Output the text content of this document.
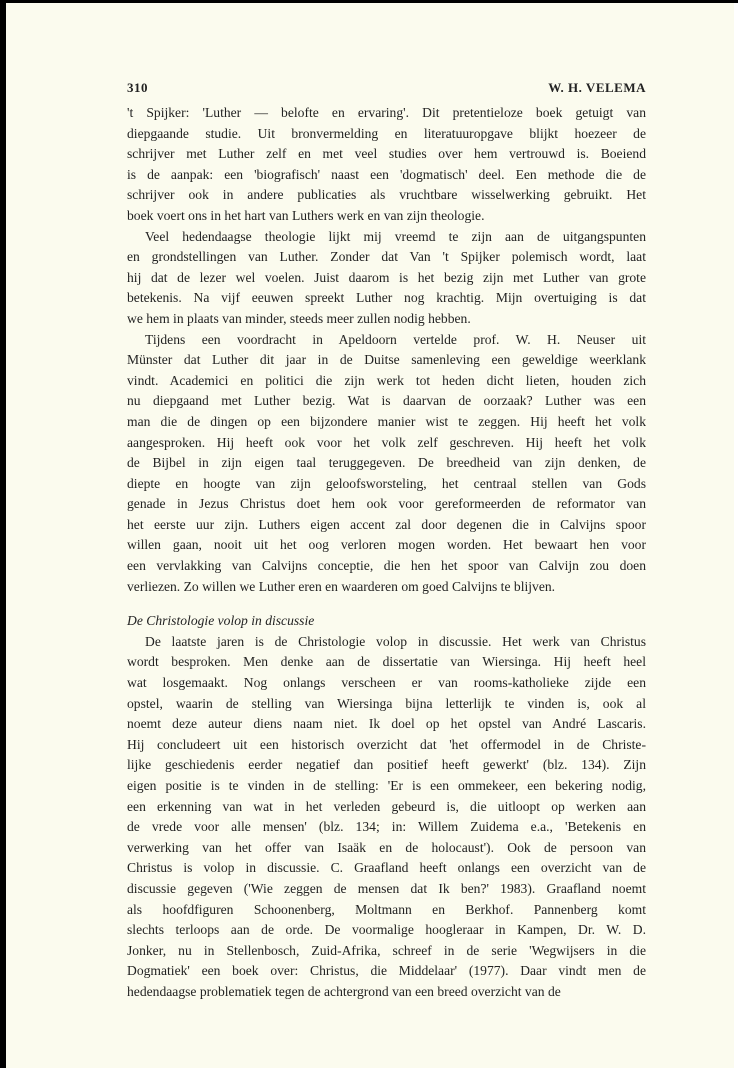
310	W. H. VELEMA
't Spijker: 'Luther — belofte en ervaring'. Dit pretentieloze boek getuigt van
diepgaande studie. Uit bronvermelding en literatuuropgave blijkt hoezeer de
schrijver met Luther zelf en met veel studies over hem vertrouwd is. Boeiend
is de aanpak: een 'biografisch' naast een 'dogmatisch' deel. Een methode die de
schrijver ook in andere publicaties als vruchtbare wisselwerking gebruikt. Het
boek voert ons in het hart van Luthers werk en van zijn theologie.
Veel hedendaagse theologie lijkt mij vreemd te zijn aan de uitgangspunten
en grondstellingen van Luther. Zonder dat Van 't Spijker polemisch wordt, laat
hij dat de lezer wel voelen. Juist daarom is het bezig zijn met Luther van grote
betekenis. Na vijf eeuwen spreekt Luther nog krachtig. Mijn overtuiging is dat
we hem in plaats van minder, steeds meer zullen nodig hebben.
Tijdens een voordracht in Apeldoorn vertelde prof. W. H. Neuser uit
Münster dat Luther dit jaar in de Duitse samenleving een geweldige weerklank
vindt. Academici en politici die zijn werk tot heden dicht lieten, houden zich
nu diepgaand met Luther bezig. Wat is daarvan de oorzaak? Luther was een
man die de dingen op een bijzondere manier wist te zeggen. Hij heeft het volk
aangesproken. Hij heeft ook voor het volk zelf geschreven. Hij heeft het volk
de Bijbel in zijn eigen taal teruggegeven. De breedheid van zijn denken, de
diepte en hoogte van zijn geloofsworsteling, het centraal stellen van Gods
genade in Jezus Christus doet hem ook voor gereformeerden de reformator van
het eerste uur zijn. Luthers eigen accent zal door degenen die in Calvijns spoor
willen gaan, nooit uit het oog verloren mogen worden. Het bewaart hen voor
een vervlakking van Calvijns conceptie, die hen het spoor van Calvijn zou doen
verliezen. Zo willen we Luther eren en waarderen om goed Calvijns te blijven.
De Christologie volop in discussie
De laatste jaren is de Christologie volop in discussie. Het werk van Christus
wordt besproken. Men denke aan de dissertatie van Wiersinga. Hij heeft heel
wat losgemaakt. Nog onlangs verscheen er van rooms-katholieke zijde een
opstel, waarin de stelling van Wiersinga bijna letterlijk te vinden is, ook al
noemt deze auteur diens naam niet. Ik doel op het opstel van André Lascaris.
Hij concludeert uit een historisch overzicht dat 'het offermodel in de Christe-
lijke geschiedenis eerder negatief dan positief heeft gewerkt' (blz. 134). Zijn
eigen positie is te vinden in de stelling: 'Er is een ommekeer, een bekering nodig,
een erkenning van wat in het verleden gebeurd is, die uitloopt op werken aan
de vrede voor alle mensen' (blz. 134; in: Willem Zuidema e.a., 'Betekenis en
verwerking van het offer van Isaäk en de holocaust'). Ook de persoon van
Christus is volop in discussie. C. Graafland heeft onlangs een overzicht van de
discussie gegeven ('Wie zeggen de mensen dat Ik ben?' 1983). Graafland noemt
als hoofdfiguren Schoonenberg, Moltmann en Berkhof. Pannenberg komt
slechts terloops aan de orde. De voormalige hoogleraar in Kampen, Dr. W. D.
Jonker, nu in Stellenbosch, Zuid-Afrika, schreef in de serie 'Wegwijsers in die
Dogmatiek' een boek over: Christus, die Middelaar' (1977). Daar vindt men de
hedendaagse problematiek tegen de achtergrond van een breed overzicht van de
